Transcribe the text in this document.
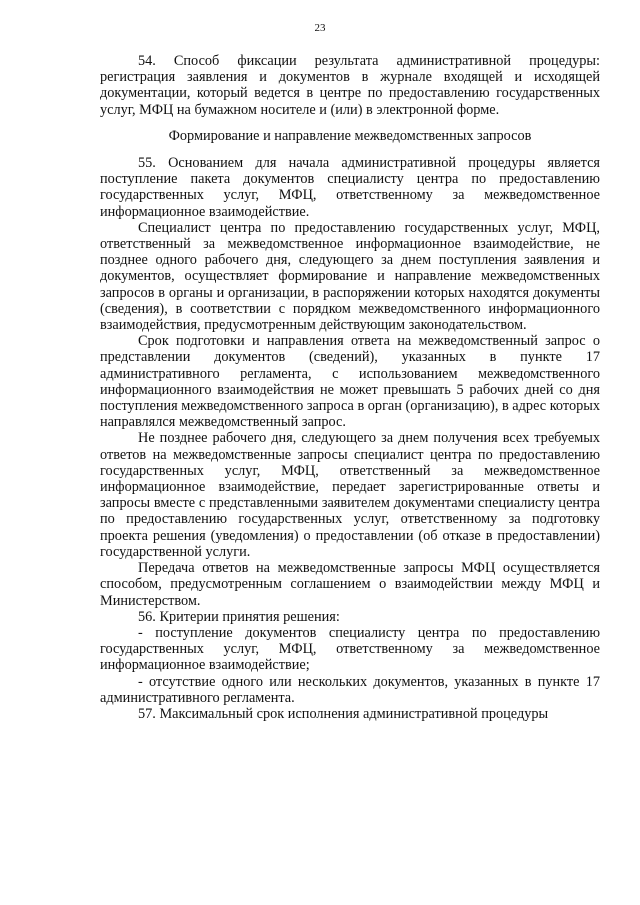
23

54. Способ фиксации результата административной процедуры: регистрация заявления и документов в журнале входящей и исходящей документации, который ведется в центре по предоставлению государственных услуг, МФЦ на бумажном носителе и (или) в электронной форме.

Формирование и направление межведомственных запросов

55. Основанием для начала административной процедуры является поступление пакета документов специалисту центра по предоставлению государственных услуг, МФЦ, ответственному за межведомственное информационное взаимодействие.

Специалист центра по предоставлению государственных услуг, МФЦ, ответственный за межведомственное информационное взаимодействие, не позднее одного рабочего дня, следующего за днем поступления заявления и документов, осуществляет формирование и направление межведомственных запросов в органы и организации, в распоряжении которых находятся документы (сведения), в соответствии с порядком межведомственного информационного взаимодействия, предусмотренным действующим законодательством.

Срок подготовки и направления ответа на межведомственный запрос о представлении документов (сведений), указанных в пункте 17 административного регламента, с использованием межведомственного информационного взаимодействия не может превышать 5 рабочих дней со дня поступления межведомственного запроса в орган (организацию), в адрес которых направлялся межведомственный запрос.

Не позднее рабочего дня, следующего за днем получения всех требуемых ответов на межведомственные запросы специалист центра по предоставлению государственных услуг, МФЦ, ответственный за межведомственное информационное взаимодействие, передает зарегистрированные ответы и запросы вместе с представленными заявителем документами специалисту центра по предоставлению государственных услуг, ответственному за подготовку проекта решения (уведомления) о предоставлении (об отказе в предоставлении) государственной услуги.

Передача ответов на межведомственные запросы МФЦ осуществляется способом, предусмотренным соглашением о взаимодействии между МФЦ и Министерством.

56. Критерии принятия решения:

- поступление документов специалисту центра по предоставлению государственных услуг, МФЦ, ответственному за межведомственное информационное взаимодействие;

- отсутствие одного или нескольких документов, указанных в пункте 17 административного регламента.

57. Максимальный срок исполнения административной процедуры
